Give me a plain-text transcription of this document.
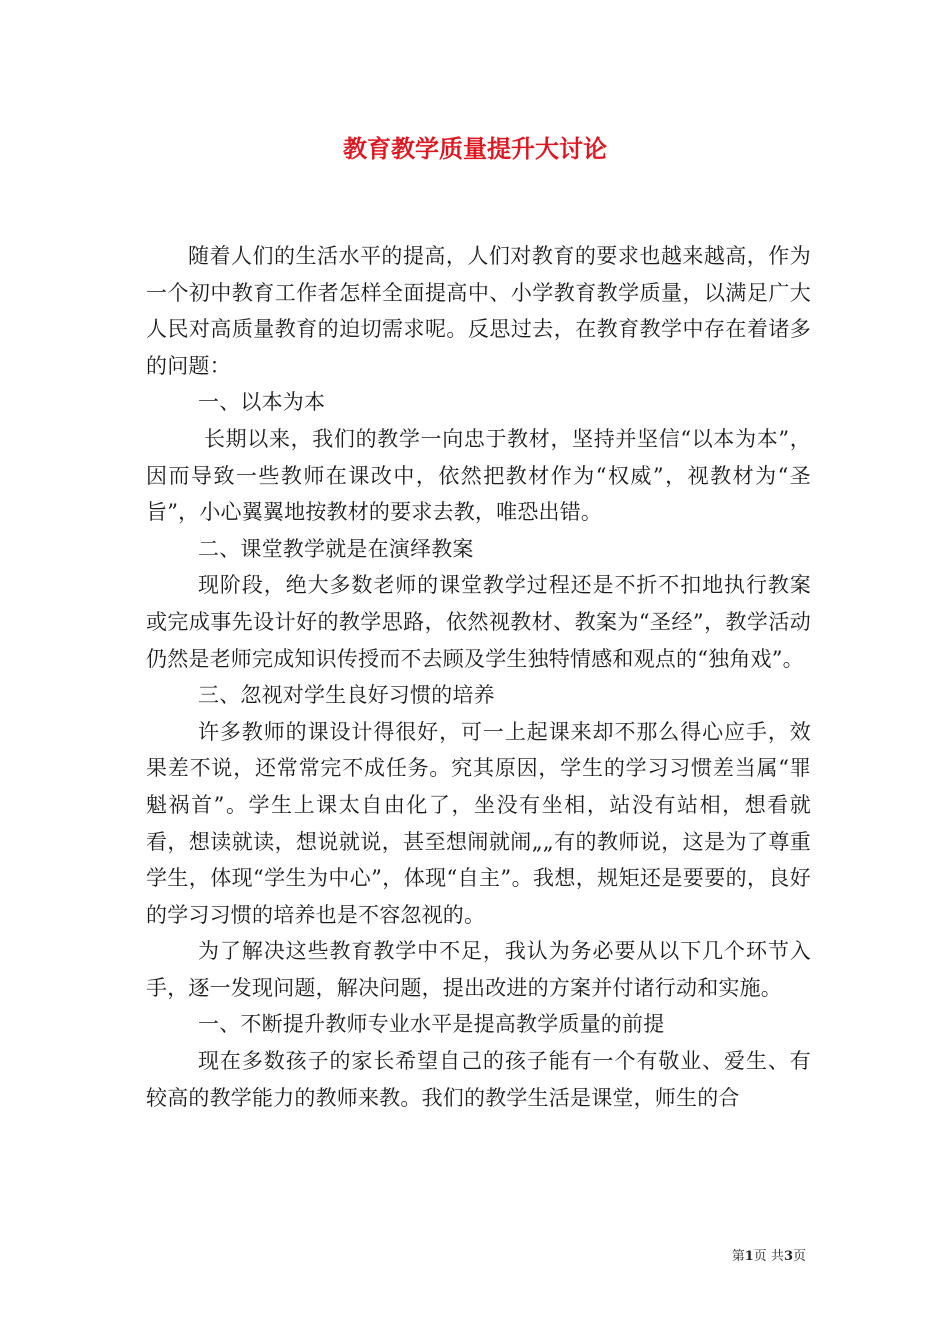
教育教学质量提升大讨论

随着人们的生活水平的提高，人们对教育的要求也越来越高，作为一个初中教育工作者怎样全面提高中、小学教育教学质量，以满足广大人民对高质量教育的迫切需求呢。反思过去，在教育教学中存在着诸多的问题：

一、以本为本

长期以来，我们的教学一向忠于教材，坚持并坚信“以本为本”，因而导致一些教师在课改中，依然把教材作为“权威”，视教材为“圣旨”，小心翼翼地按教材的要求去教，唯恐出错。

二、课堂教学就是在演绎教案

现阶段，绝大多数老师的课堂教学过程还是不折不扣地执行教案或完成事先设计好的教学思路，依然视教材、教案为“圣经”，教学活动仍然是老师完成知识传授而不去顾及学生独特情感和观点的“独角戏”。

三、忽视对学生良好习惯的培养

许多教师的课设计得很好，可一上起课来却不那么得心应手，效果差不说，还常常完不成任务。究其原因，学生的学习习惯差当属“罪魁祸首”。学生上课太自由化了，坐没有坐相，站没有站相，想看就看，想读就读，想说就说，甚至想闹就闹„„有的教师说，这是为了尊重学生，体现“学生为中心”，体现“自主”。我想，规矩还是要要的，良好的学习习惯的培养也是不容忽视的。

为了解决这些教育教学中不足，我认为务必要从以下几个环节入手，逐一发现问题，解决问题，提出改进的方案并付诸行动和实施。

一、不断提升教师专业水平是提高教学质量的前提

现在多数孩子的家长希望自己的孩子能有一个有敬业、爱生、有较高的教学能力的教师来教。我们的教学生活是课堂，师生的合

第1页 共3页
